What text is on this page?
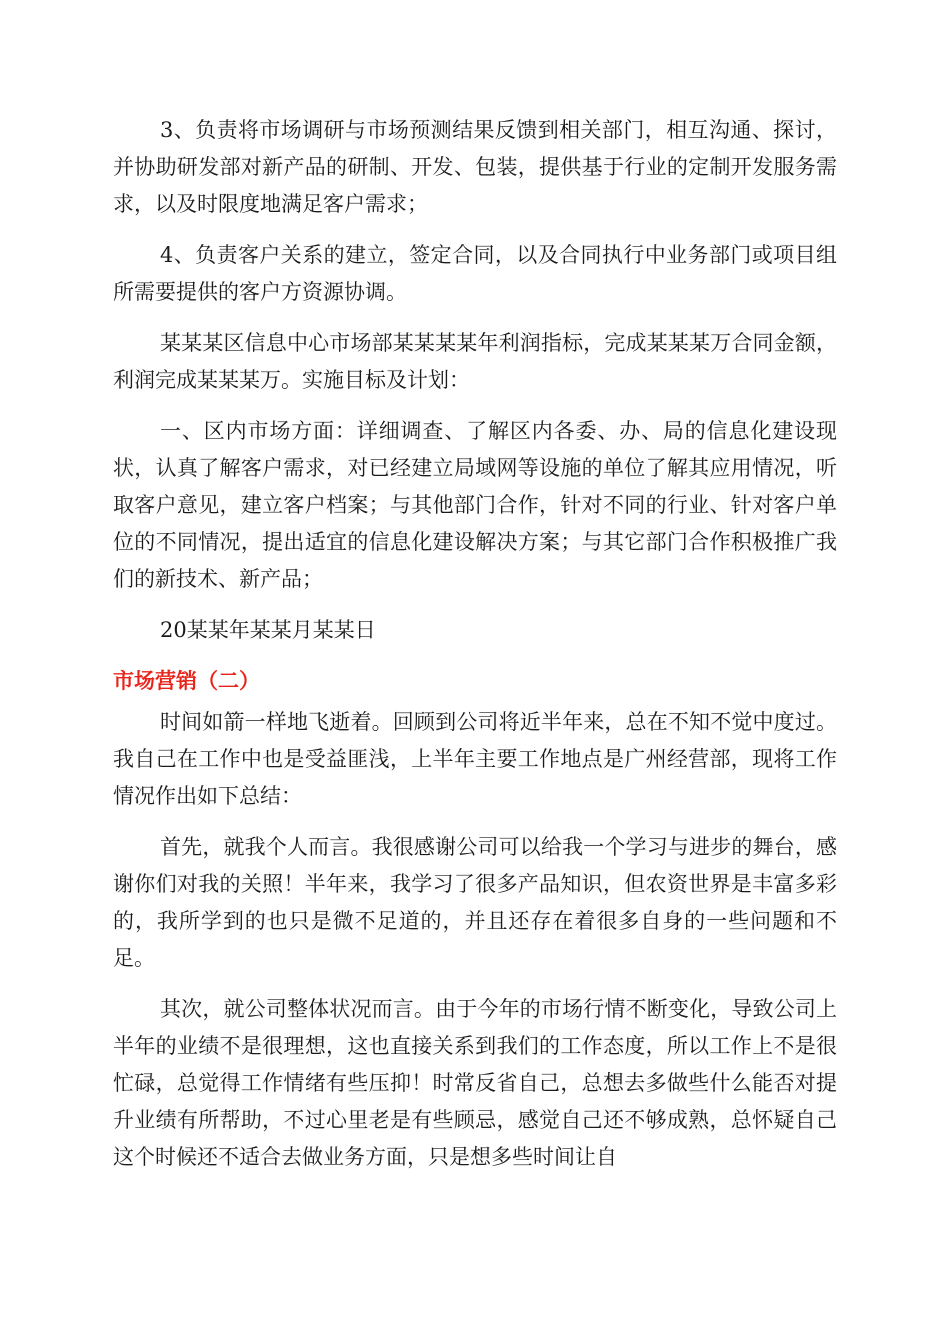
3、负责将市场调研与市场预测结果反馈到相关部门，相互沟通、探讨，并协助研发部对新产品的研制、开发、包装，提供基于行业的定制开发服务需求，以及时限度地满足客户需求；

4、负责客户关系的建立，签定合同，以及合同执行中业务部门或项目组所需要提供的客户方资源协调。

某某某区信息中心市场部某某某某年利润指标，完成某某某万合同金额，利润完成某某某万。实施目标及计划：

一、区内市场方面：详细调查、了解区内各委、办、局的信息化建设现状，认真了解客户需求，对已经建立局域网等设施的单位了解其应用情况，听取客户意见，建立客户档案；与其他部门合作，针对不同的行业、针对客户单位的不同情况，提出适宜的信息化建设解决方案；与其它部门合作积极推广我们的新技术、新产品；

20某某年某某月某某日

市场营销（二）

时间如箭一样地飞逝着。回顾到公司将近半年来，总在不知不觉中度过。我自己在工作中也是受益匪浅，上半年主要工作地点是广州经营部，现将工作情况作出如下总结：

首先，就我个人而言。我很感谢公司可以给我一个学习与进步的舞台，感谢你们对我的关照！半年来，我学习了很多产品知识，但农资世界是丰富多彩的，我所学到的也只是微不足道的，并且还存在着很多自身的一些问题和不足。

其次，就公司整体状况而言。由于今年的市场行情不断变化，导致公司上半年的业绩不是很理想，这也直接关系到我们的工作态度，所以工作上不是很忙碌，总觉得工作情绪有些压抑！时常反省自己，总想去多做些什么能否对提升业绩有所帮助，不过心里老是有些顾忌，感觉自己还不够成熟，总怀疑自己这个时候还不适合去做业务方面，只是想多些时间让自
